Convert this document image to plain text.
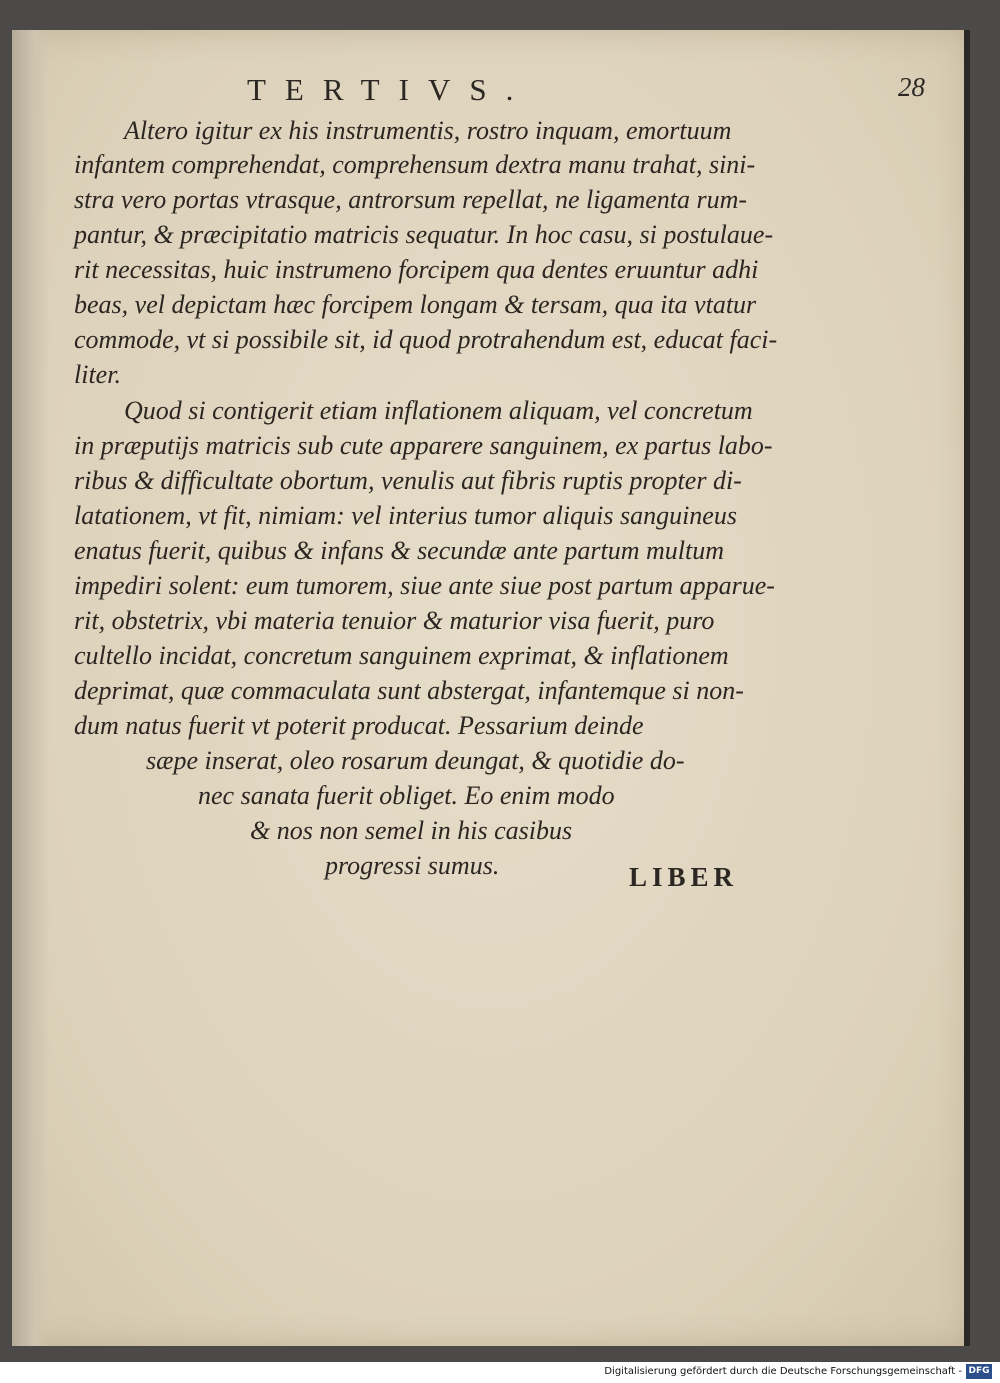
TERTIVS.	28
Altero igitur ex his instrumentis, rostro inquam, emortuum
infantem comprehendat, comprehensum dextra manu trahat, sini-
stra vero portas vtrasque, antrorsum repellat, ne ligamenta rum-
pantur, & præcipitatio matricis sequatur. In hoc casu, si postulaue-
rit necessitas, huic instrumeno forcipem qua dentes eruuntur adhi
beas, vel depictam hæc forcipem longam & tersam, qua ita vtatur
commode, vt si possibile sit, id quod protrahendum est, educat faci-
liter.
Quod si contigerit etiam inflationem aliquam, vel concretum
in præputijs matricis sub cute apparere sanguinem, ex partus labo-
ribus & difficultate obortum, venulis aut fibris ruptis propter di-
latationem, vt fit, nimiam: vel interius tumor aliquis sanguineus
enatus fuerit, quibus & infans & secundæ ante partum multum
impediri solent: eum tumorem, siue ante siue post partum apparue-
rit, obstetrix, vbi materia tenuior & maturior visa fuerit, puro
cultello incidat, concretum sanguinem exprimat, & inflationem
deprimat, quæ commaculata sunt abstergat, infantemque si non-
dum natus fuerit vt poterit producat. Pessarium deinde
sæpe inserat, oleo rosarum deungat, & quotidie do-
nec sanata fuerit obliget. Eo enim modo
& nos non semel in his casibus
progressi sumus.	LIBER
Digitalisierung gefördert durch die Deutsche Forschungsgemeinschaft - DFG
